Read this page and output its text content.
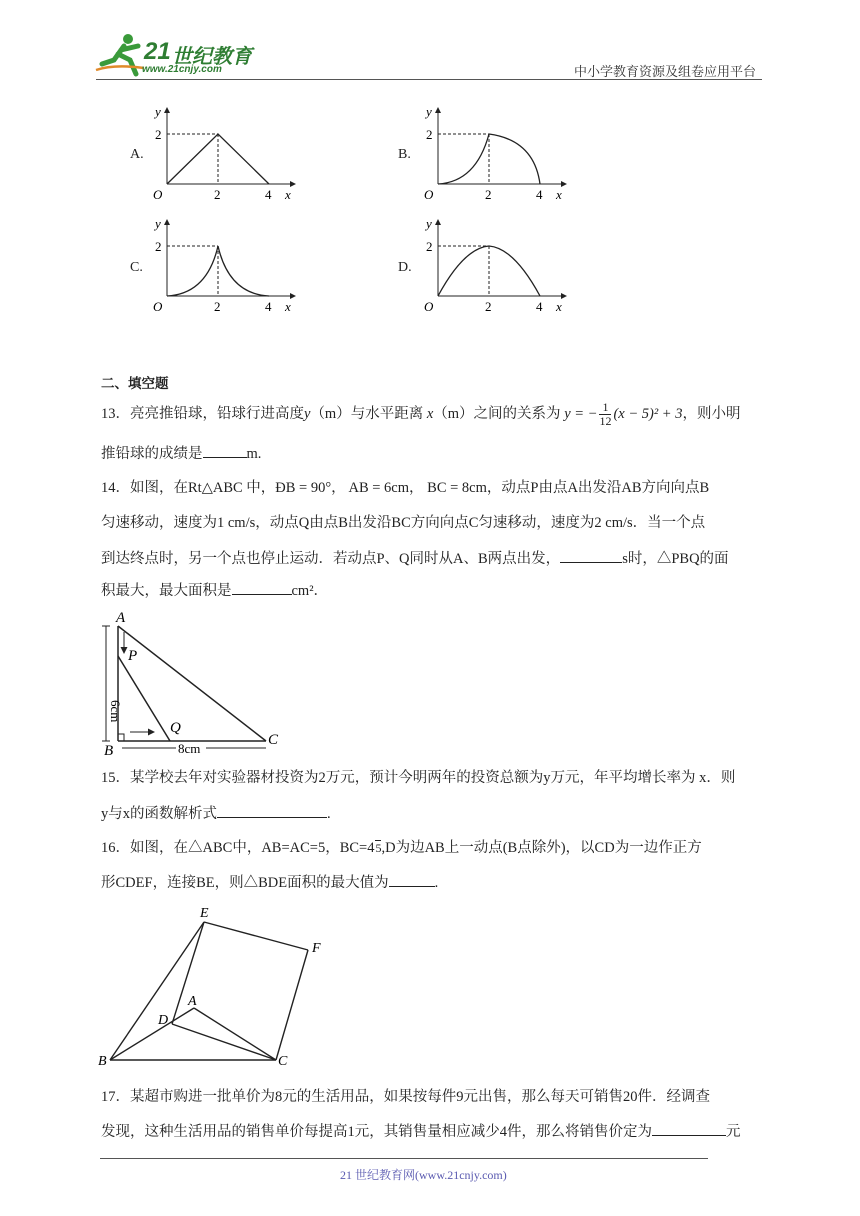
21 世纪教育
www.21cnjy.com	中小学教育资源及组卷应用平台
A.	B.
C.	D.
y
x
O
2
2	4
y
x
O
2
2	4
y
x
O
2
2	4
y
x
O
2
2	4
二、填空题
13．亮亮推铅球，铅球行进高度y（m）与水平距离 x（m）之间的关系为 y = − $\frac{1}{12} (x - 5)^2 + 3$，则小明
推铅球的成绩是	m.
14．如图，在Rt△ABC 中，ÐB = 90°， AB = 6cm， BC = 8cm，动点P由点A出发沿AB方向向点B
匀速移动，速度为1 cm/s，动点Q由点B出发沿BC方向向点C匀速移动，速度为2 cm/s．当一个点
到达终点时，另一个点也停止运动．若动点P、Q同时从A、B两点出发，	s时，△PBQ的面
积最大，最大面积是	cm²．
A
B
C
P
Q
8cm
6cm
15．某学校去年对实验器材投资为2万元，预计今明两年的投资总额为y万元，年平均增长率为 x．则
y与x的函数解析式	.
16．如图，在△ABC中，AB=AC=5，BC=45,D为边AB上一动点(B点除外)，以CD为一边作正方
形CDEF，连接BE，则△BDE面积的最大值为	.
E
F
A
D
B	C
17．某超市购进一批单价为8元的生活用品，如果按每件9元出售，那么每天可销售20件．经调查
发现，这种生活用品的销售单价每提高1元，其销售量相应减少4件，那么将销售价定为	元
21 世纪教育网(www.21cnjy.com)
